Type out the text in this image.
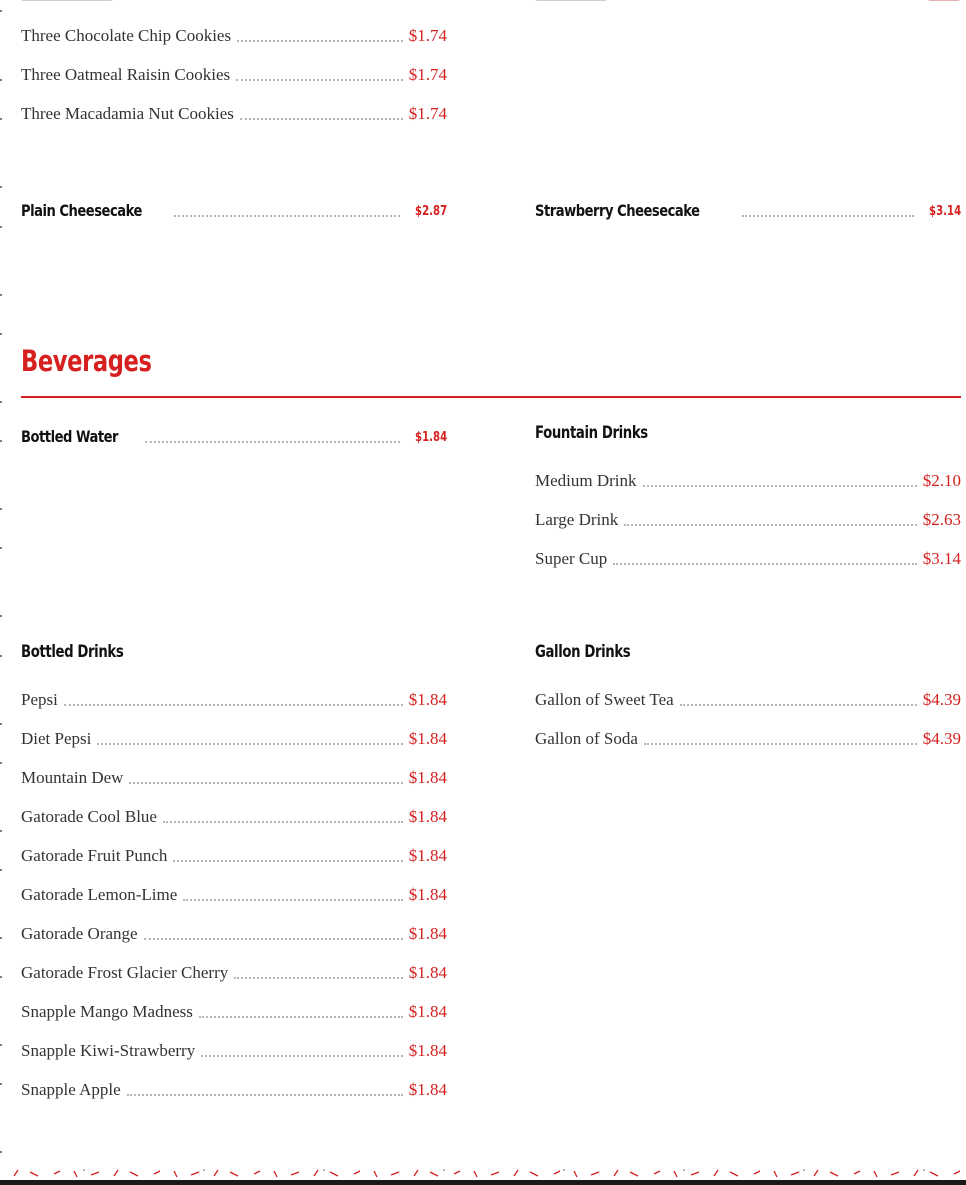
Three Chocolate Chip Cookies	$1.74
Three Oatmeal Raisin Cookies	$1.74
Three Macadamia Nut Cookies	$1.74
Plain Cheesecake	$2.87	Strawberry Cheesecake	$3.14
Beverages
Bottled Water	$1.84	Fountain Drinks
Medium Drink	$2.10
Large Drink	$2.63
Super Cup	$3.14
Bottled Drinks
Pepsi	$1.84
Diet Pepsi	$1.84
Mountain Dew	$1.84
Gatorade Cool Blue	$1.84
Gatorade Fruit Punch	$1.84
Gatorade Lemon-Lime	$1.84
Gatorade Orange	$1.84
Gatorade Frost Glacier Cherry	$1.84
Snapple Mango Madness	$1.84
Snapple Kiwi-Strawberry	$1.84
Snapple Apple	$1.84
Gallon Drinks
Gallon of Sweet Tea	$4.39
Gallon of Soda	$4.39
